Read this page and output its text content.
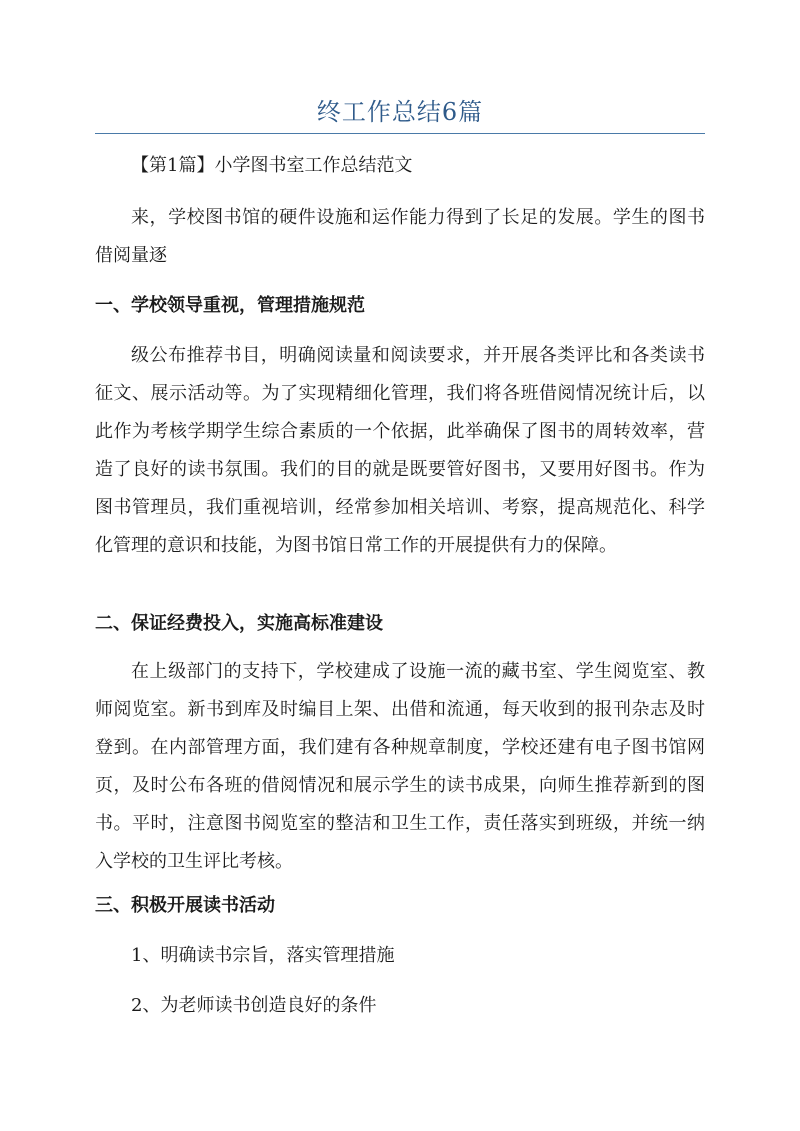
终工作总结6篇

【第1篇】小学图书室工作总结范文

来，学校图书馆的硬件设施和运作能力得到了长足的发展。学生的图书借阅量逐

一、学校领导重视，管理措施规范

级公布推荐书目，明确阅读量和阅读要求，并开展各类评比和各类读书征文、展示活动等。为了实现精细化管理，我们将各班借阅情况统计后，以此作为考核学期学生综合素质的一个依据，此举确保了图书的周转效率，营造了良好的读书氛围。我们的目的就是既要管好图书，又要用好图书。作为图书管理员，我们重视培训，经常参加相关培训、考察，提高规范化、科学化管理的意识和技能，为图书馆日常工作的开展提供有力的保障。

二、保证经费投入，实施高标准建设

在上级部门的支持下，学校建成了设施一流的藏书室、学生阅览室、教师阅览室。新书到库及时编目上架、出借和流通，每天收到的报刊杂志及时登到。在内部管理方面，我们建有各种规章制度，学校还建有电子图书馆网页，及时公布各班的借阅情况和展示学生的读书成果，向师生推荐新到的图书。平时，注意图书阅览室的整洁和卫生工作，责任落实到班级，并统一纳入学校的卫生评比考核。

三、积极开展读书活动

1、明确读书宗旨，落实管理措施

2、为老师读书创造良好的条件
